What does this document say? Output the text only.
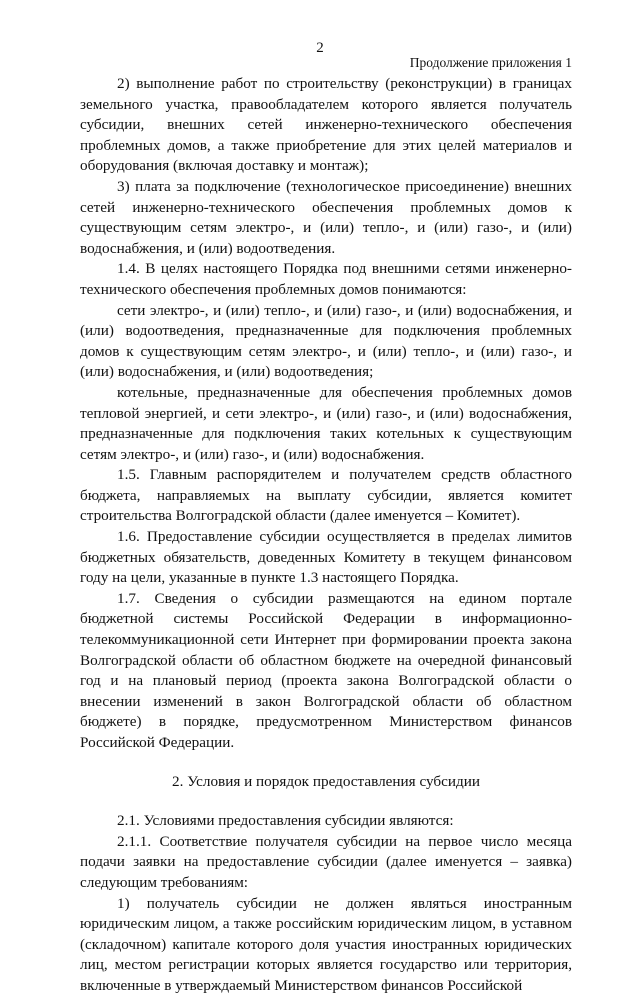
2
Продолжение приложения 1

2) выполнение работ по строительству (реконструкции) в границах земельного участка, правообладателем которого является получатель субсидии, внешних сетей инженерно-технического обеспечения проблемных домов, а также приобретение для этих целей материалов и оборудования (включая доставку и монтаж);

3) плата за подключение (технологическое присоединение) внешних сетей инженерно-технического обеспечения проблемных домов к существующим сетям электро-, и (или) тепло-, и (или) газо-, и (или) водоснабжения, и (или) водоотведения.

1.4. В целях настоящего Порядка под внешними сетями инженерно-технического обеспечения проблемных домов понимаются:

сети электро-, и (или) тепло-, и (или) газо-, и (или) водоснабжения, и (или) водоотведения, предназначенные для подключения проблемных домов к существующим сетям электро-, и (или) тепло-, и (или) газо-, и (или) водоснабжения, и (или) водоотведения;

котельные, предназначенные для обеспечения проблемных домов тепловой энергией, и сети электро-, и (или) газо-, и (или) водоснабжения, предназначенные для подключения таких котельных к существующим сетям электро-, и (или) газо-, и (или) водоснабжения.

1.5. Главным распорядителем и получателем средств областного бюджета, направляемых на выплату субсидии, является комитет строительства Волгоградской области (далее именуется – Комитет).

1.6. Предоставление субсидии осуществляется в пределах лимитов бюджетных обязательств, доведенных Комитету в текущем финансовом году на цели, указанные в пункте 1.3 настоящего Порядка.

1.7. Сведения о субсидии размещаются на едином портале бюджетной системы Российской Федерации в информационно-телекоммуникационной сети Интернет при формировании проекта закона Волгоградской области об областном бюджете на очередной финансовый год и на плановый период (проекта закона Волгоградской области о внесении изменений в закон Волгоградской области об областном бюджете) в порядке, предусмотренном Министерством финансов Российской Федерации.

2. Условия и порядок предоставления субсидии

2.1. Условиями предоставления субсидии являются:

2.1.1. Соответствие получателя субсидии на первое число месяца подачи заявки на предоставление субсидии (далее именуется – заявка) следующим требованиям:

1) получатель субсидии не должен являться иностранным юридическим лицом, а также российским юридическим лицом, в уставном (складочном) капитале которого доля участия иностранных юридических лиц, местом регистрации которых является государство или территория, включенные в утверждаемый Министерством финансов Российской
